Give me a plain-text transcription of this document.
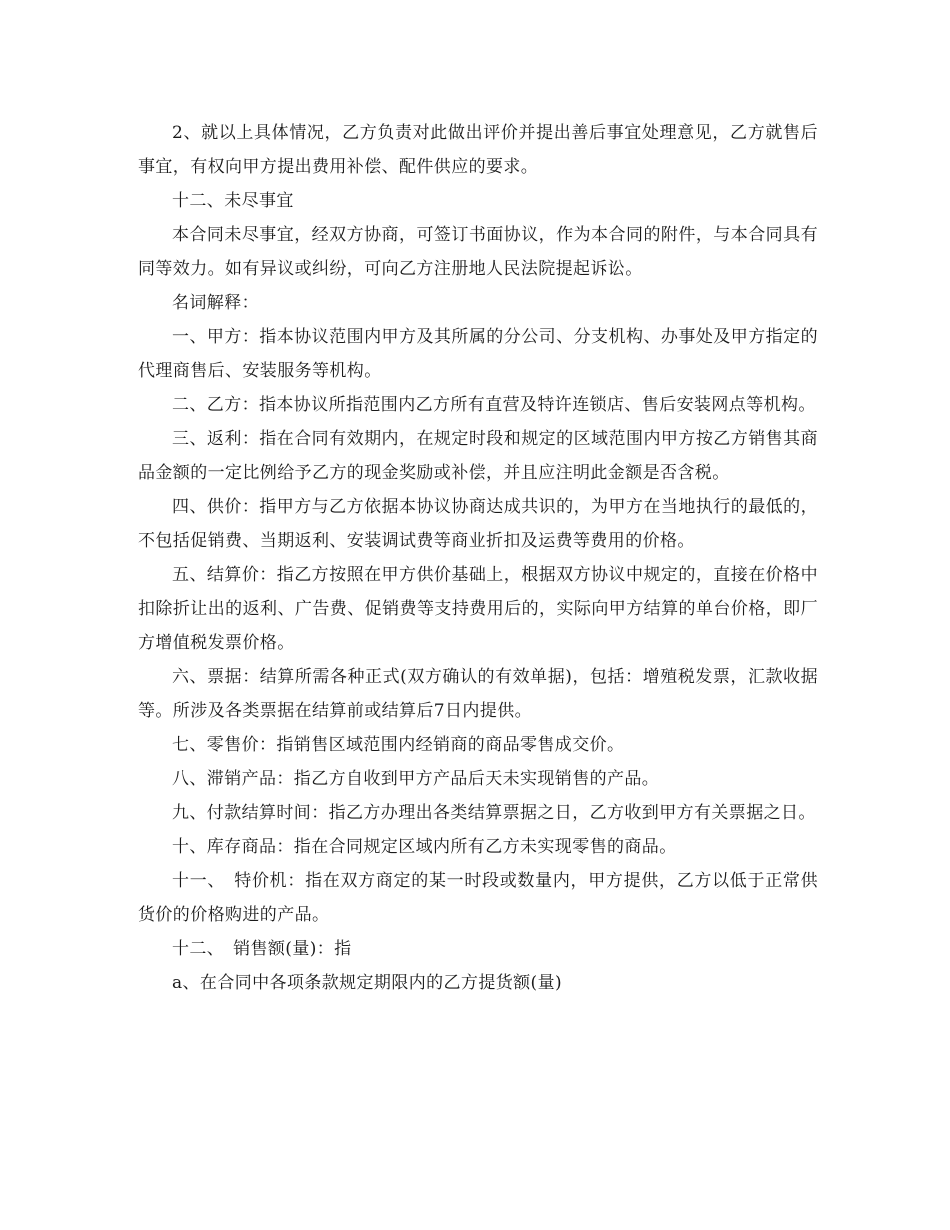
2、就以上具体情况，乙方负责对此做出评价并提出善后事宜处理意见，乙方就售后事宜，有权向甲方提出费用补偿、配件供应的要求。

十二、未尽事宜

本合同未尽事宜，经双方协商，可签订书面协议，作为本合同的附件，与本合同具有同等效力。如有异议或纠纷，可向乙方注册地人民法院提起诉讼。

名词解释：

一、甲方：指本协议范围内甲方及其所属的分公司、分支机构、办事处及甲方指定的代理商售后、安装服务等机构。

二、乙方：指本协议所指范围内乙方所有直营及特许连锁店、售后安装网点等机构。

三、返利：指在合同有效期内，在规定时段和规定的区域范围内甲方按乙方销售其商品金额的一定比例给予乙方的现金奖励或补偿，并且应注明此金额是否含税。

四、供价：指甲方与乙方依据本协议协商达成共识的，为甲方在当地执行的最低的，不包括促销费、当期返利、安装调试费等商业折扣及运费等费用的价格。

五、结算价：指乙方按照在甲方供价基础上，根据双方协议中规定的，直接在价格中扣除折让出的返利、广告费、促销费等支持费用后的，实际向甲方结算的单台价格，即厂方增值税发票价格。

六、票据：结算所需各种正式(双方确认的有效单据)，包括：增殖税发票，汇款收据等。所涉及各类票据在结算前或结算后7日内提供。

七、零售价：指销售区域范围内经销商的商品零售成交价。

八、滞销产品：指乙方自收到甲方产品后天未实现销售的产品。

九、付款结算时间：指乙方办理出各类结算票据之日，乙方收到甲方有关票据之日。

十、库存商品：指在合同规定区域内所有乙方未实现零售的商品。

十一、　特价机：指在双方商定的某一时段或数量内，甲方提供，乙方以低于正常供货价的价格购进的产品。

十二、　销售额(量)：指

a、在合同中各项条款规定期限内的乙方提货额(量)
